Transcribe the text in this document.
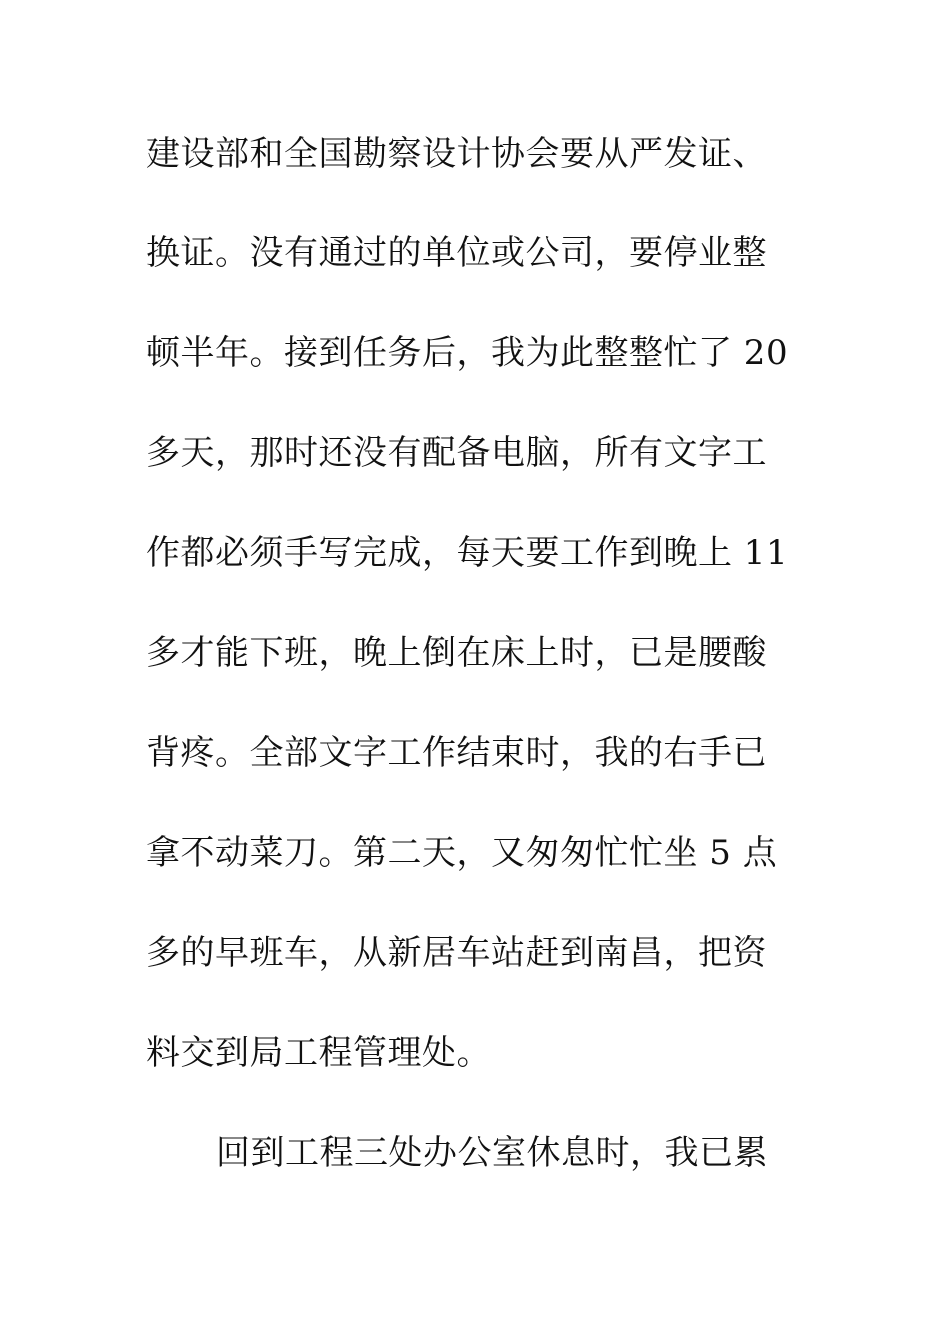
建设部和全国勘察设计协会要从严发证、
换证。没有通过的单位或公司，要停业整
顿半年。接到任务后，我为此整整忙了 20
多天，那时还没有配备电脑，所有文字工
作都必须手写完成，每天要工作到晚上 11
多才能下班，晚上倒在床上时，已是腰酸
背疼。全部文字工作结束时，我的右手已
拿不动菜刀。第二天，又匆匆忙忙坐 5 点
多的早班车，从新居车站赶到南昌，把资
料交到局工程管理处。
回到工程三处办公室休息时，我已累
